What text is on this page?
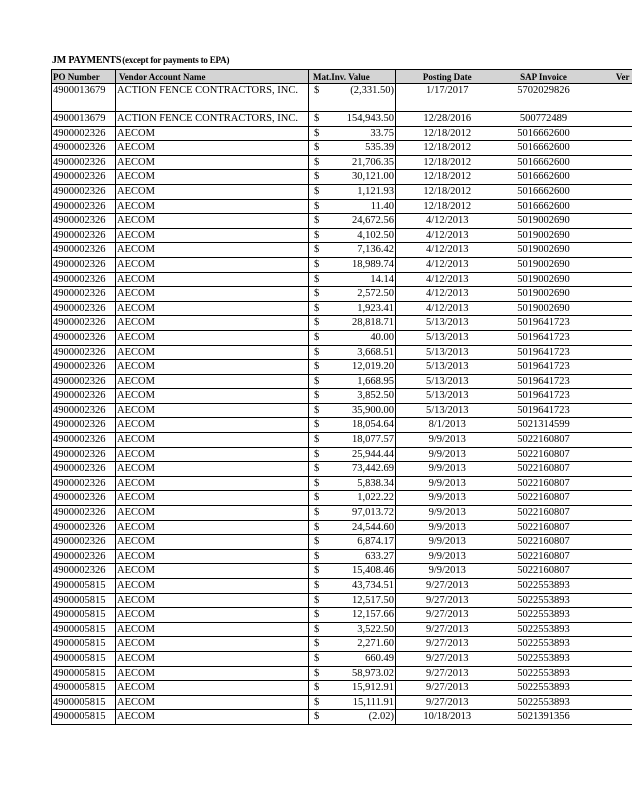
JM PAYMENTS(except for payments to EPA)
PO Number	Vendor Account Name	Mat.Inv. Value		Posting Date	SAP Invoice	Ver
4900013679	ACTION FENCE CONTRACTORS, INC.	$	(2,331.50)	1/17/2017	5702029826	
4900013679	ACTION FENCE CONTRACTORS, INC.	$	154,943.50	12/28/2016	500772489	
4900002326	AECOM	$	33.75	12/18/2012	5016662600	
4900002326	AECOM	$	535.39	12/18/2012	5016662600	
4900002326	AECOM	$	21,706.35	12/18/2012	5016662600	
4900002326	AECOM	$	30,121.00	12/18/2012	5016662600	
4900002326	AECOM	$	1,121.93	12/18/2012	5016662600	
4900002326	AECOM	$	11.40	12/18/2012	5016662600	
4900002326	AECOM	$	24,672.56	4/12/2013	5019002690	
4900002326	AECOM	$	4,102.50	4/12/2013	5019002690	
4900002326	AECOM	$	7,136.42	4/12/2013	5019002690	
4900002326	AECOM	$	18,989.74	4/12/2013	5019002690	
4900002326	AECOM	$	14.14	4/12/2013	5019002690	
4900002326	AECOM	$	2,572.50	4/12/2013	5019002690	
4900002326	AECOM	$	1,923.41	4/12/2013	5019002690	
4900002326	AECOM	$	28,818.71	5/13/2013	5019641723	
4900002326	AECOM	$	40.00	5/13/2013	5019641723	
4900002326	AECOM	$	3,668.51	5/13/2013	5019641723	
4900002326	AECOM	$	12,019.20	5/13/2013	5019641723	
4900002326	AECOM	$	1,668.95	5/13/2013	5019641723	
4900002326	AECOM	$	3,852.50	5/13/2013	5019641723	
4900002326	AECOM	$	35,900.00	5/13/2013	5019641723	
4900002326	AECOM	$	18,054.64	8/1/2013	5021314599	
4900002326	AECOM	$	18,077.57	9/9/2013	5022160807	
4900002326	AECOM	$	25,944.44	9/9/2013	5022160807	
4900002326	AECOM	$	73,442.69	9/9/2013	5022160807	
4900002326	AECOM	$	5,838.34	9/9/2013	5022160807	
4900002326	AECOM	$	1,022.22	9/9/2013	5022160807	
4900002326	AECOM	$	97,013.72	9/9/2013	5022160807	
4900002326	AECOM	$	24,544.60	9/9/2013	5022160807	
4900002326	AECOM	$	6,874.17	9/9/2013	5022160807	
4900002326	AECOM	$	633.27	9/9/2013	5022160807	
4900002326	AECOM	$	15,408.46	9/9/2013	5022160807	
4900005815	AECOM	$	43,734.51	9/27/2013	5022553893	
4900005815	AECOM	$	12,517.50	9/27/2013	5022553893	
4900005815	AECOM	$	12,157.66	9/27/2013	5022553893	
4900005815	AECOM	$	3,522.50	9/27/2013	5022553893	
4900005815	AECOM	$	2,271.60	9/27/2013	5022553893	
4900005815	AECOM	$	660.49	9/27/2013	5022553893	
4900005815	AECOM	$	58,973.02	9/27/2013	5022553893	
4900005815	AECOM	$	15,912.91	9/27/2013	5022553893	
4900005815	AECOM	$	15,111.91	9/27/2013	5022553893	
4900005815	AECOM	$	(2.02)	10/18/2013	5021391356	
